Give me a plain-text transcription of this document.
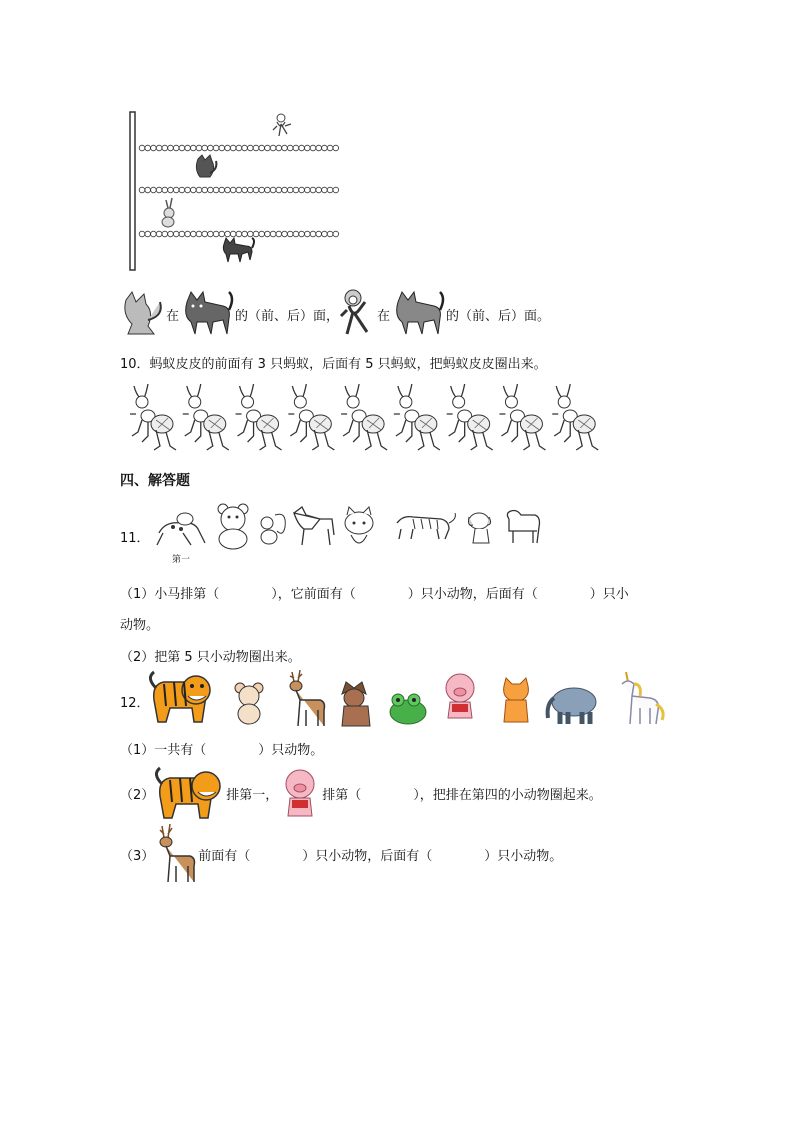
在	的（前、后）面，	在	的（前、后）面。
10．蚂蚁皮皮的前面有 3 只蚂蚁，后面有 5 只蚂蚁，把蚂蚁皮皮圈出来。
四、解答题
11．
第一
（1）小马排第（　　　　），它前面有（　　　　）只小动物，后面有（　　　　）只小
动物。
（2）把第 5 只小动物圈出来。
12．
（1）一共有（　　　　）只动物。
（2）	排第一，	排第（　　　　），把排在第四的小动物圈起来。
（3）	前面有（　　　　）只小动物，后面有（　　　　）只小动物。
